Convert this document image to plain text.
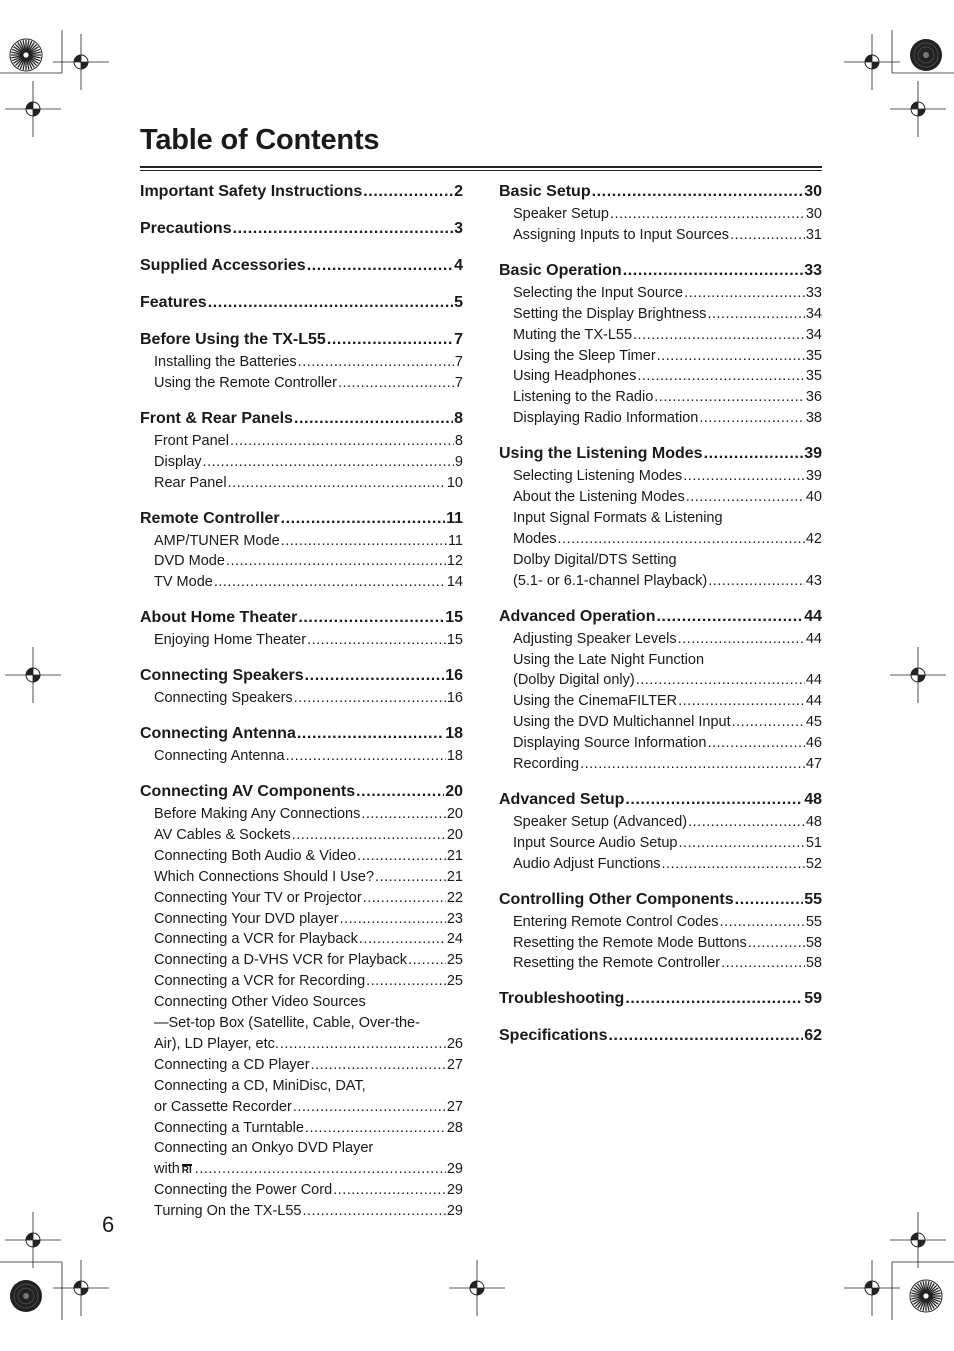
Table of Contents
Important Safety Instructions .....	2
Precautions .....	3
Supplied Accessories .....	4
Features .....	5
Before Using the TX-L55 .....	7
Installing the Batteries .....	7
Using the Remote Controller .....	7
Front & Rear Panels .....	8
Front Panel .....	8
Display .....	9
Rear Panel .....	10
Remote Controller .....	11
AMP/TUNER Mode .....	11
DVD Mode .....	12
TV Mode .....	14
About Home Theater .....	15
Enjoying Home Theater .....	15
Connecting Speakers .....	16
Connecting Speakers .....	16
Connecting Antenna .....	18
Connecting Antenna .....	18
Connecting AV Components .....	20
Before Making Any Connections .....	20
AV Cables & Sockets .....	20
Connecting Both Audio & Video .....	21
Which Connections Should I Use? .....	21
Connecting Your TV or Projector .....	22
Connecting Your DVD player .....	23
Connecting a VCR for Playback .....	24
Connecting a D-VHS VCR for Playback .....	25
Connecting a VCR for Recording .....	25
Connecting Other Video Sources
—Set-top Box (Satellite, Cable, Over-the-
Air), LD Player, etc. .....	26
Connecting a CD Player .....	27
Connecting a CD, MiniDisc, DAT,
or Cassette Recorder .....	27
Connecting a Turntable .....	28
Connecting an Onkyo DVD Player
with RI .....	29
Connecting the Power Cord .....	29
Turning On the TX-L55 .....	29
Basic Setup .....	30
Speaker Setup .....	30
Assigning Inputs to Input Sources .....	31
Basic Operation .....	33
Selecting the Input Source .....	33
Setting the Display Brightness .....	34
Muting the TX-L55 .....	34
Using the Sleep Timer .....	35
Using Headphones .....	35
Listening to the Radio .....	36
Displaying Radio Information .....	38
Using the Listening Modes .....	39
Selecting Listening Modes .....	39
About the Listening Modes .....	40
Input Signal Formats & Listening
Modes .....	42
Dolby Digital/DTS Setting
(5.1- or 6.1-channel Playback) .....	43
Advanced Operation .....	44
Adjusting Speaker Levels .....	44
Using the Late Night Function
(Dolby Digital only) .....	44
Using the CinemaFILTER .....	44
Using the DVD Multichannel Input .....	45
Displaying Source Information .....	46
Recording .....	47
Advanced Setup .....	48
Speaker Setup (Advanced) .....	48
Input Source Audio Setup .....	51
Audio Adjust Functions .....	52
Controlling Other Components .....	55
Entering Remote Control Codes .....	55
Resetting the Remote Mode Buttons .....	58
Resetting the Remote Controller .....	58
Troubleshooting .....	59
Specifications .....	62
6
